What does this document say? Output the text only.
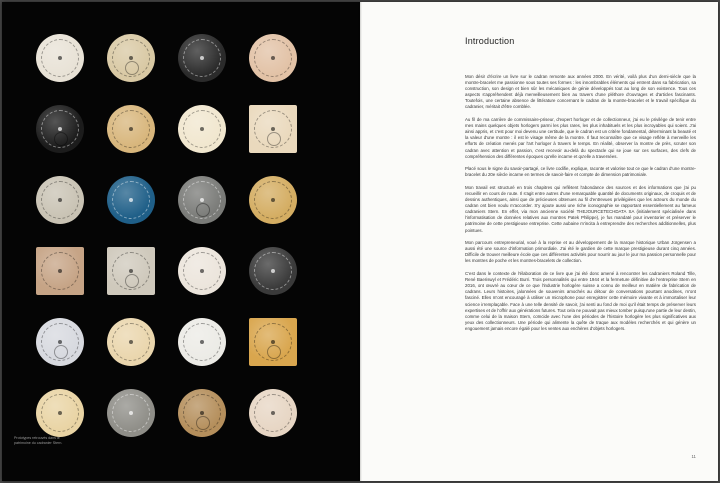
Prototypes retrouvés dans le patrimoine du cadranier Stern.
Introduction

Mon désir d'écrire un livre sur le cadran remonte aux années 2000. En vérité, voilà plus d'un demi-siècle que la montre-bracelet me passionne sous toutes ses formes : les innombrables éléments qui entrent dans sa fabrication, sa construction, son design et bien sûr les mécaniques de génie développés tout au long de son existence. Tous ces aspects s'appréhendent déjà merveilleusement bien au travers d'une pléthore d'ouvrages et d'articles fascinants. Toutefois, une certaine absence de littérature concernant le cadran de la montre-bracelet et le travail spécifique du cadranier, méritait d'être comblée.

Au fil de ma carrière de commissaire-priseur, d'expert horloger et de collectionneur, j'ai eu le privilège de tenir entre mes mains quelques objets horlogers parmi les plus rares, les plus inhabituels et les plus incroyables qui soient. J'ai ainsi appris, et c'est pour moi devenu une certitude, que le cadran est un critère fondamental, déterminant la beauté et la valeur d'une montre : il est le visage même de la montre. Il faut reconnaître que ce visage reflète à merveille les efforts de création menés par l'art horloger à travers le temps. En réalité, observer la montre de près, scruter son cadran avec attention et passion, c'est recevoir au-delà du spectacle qui se joue sur ces surfaces, des clefs de compréhension des différentes époques qu'elle incarne et qu'elle a traversées.

Placé sous le signe du savoir-partagé, ce livre codifie, explique, raconte et valorise tout ce que le cadran d'une montre-bracelet du 20e siècle incarne en termes de savoir-faire et compte de dimension patrimoniale.

Mon travail est structuré en trois chapitres qui reflètent l'abondance des sources et des informations que j'ai pu recueillir en cours de route. Il s'agit entre autres d'une remarquable quantité de documents originaux, de croquis et de dessins authentiques, ainsi que de précieuses obtenues au fil d'entrevues privilégiées que les acteurs du monde du cadran ont bien voulu m'accorder. S'y ajoute aussi une riche iconographie se rapportant essentiellement au fameux cadraniers Stern. En effet, via mon ancienne société THEJOURCETECHDATA SA (initialement spécialisée dans l'informatisation de données relatives aux montres Patek Philippe), je fus mandaté pour inventorier et préserver le patrimoine de cette prestigieuse entreprise. Cette aubaine m'incita à entreprendre des recherches additionnelles, plus pointues.

Mon parcours entrepreneurial, voué à la reprise et au développement de la marque historique Urban Jürgensen a aussi été une source d'information primordiale. J'ai été le gardien de cette marque prestigieuse durant cinq années. Difficile de trouver meilleure école que ces différentes activités pour nourrir au jour le jour ma passion personnelle pour les montres de poche et les montres-bracelets de collection.

C'est dans le contexte de l'élaboration de ce livre que j'ai été donc amené à rencontrer les cadraniers Roland Tille, René Baeriswyl et Frédéric Burri. Trois personnalités qui entre 1944 et la fermeture définitive de l'entreprise Stern en 2016, ont œuvré au cœur de ce que l'industrie horlogère suisse a connu de meilleur en matière de fabrication de cadrans. Leurs histoires, jalonnées de souvenirs amochés au détour de conversations pourtant anodines, m'ont fasciné. Elles m'ont encouragé à utiliser un microphone pour enregistrer cette mémoire vivante et à immortaliser leur science irremplaçable. Face à une telle densité de savoir, j'ai senti au fond de moi qu'il était temps de préserver leurs expertises et de l'offrir aux générations futures. Tout cela ne pouvait pas mieux tomber puisqu'une partie de leur destin, comme celui de la maison Stern, coïncide avec l'une des périodes de l'histoire horlogère les plus significatives aux yeux des collectionneurs. Une période qui alimente la quête de traque aux modèles recherchés et qui génère un engouement jamais encore égalé pour les ventes aux enchères d'objets horlogers.

11
